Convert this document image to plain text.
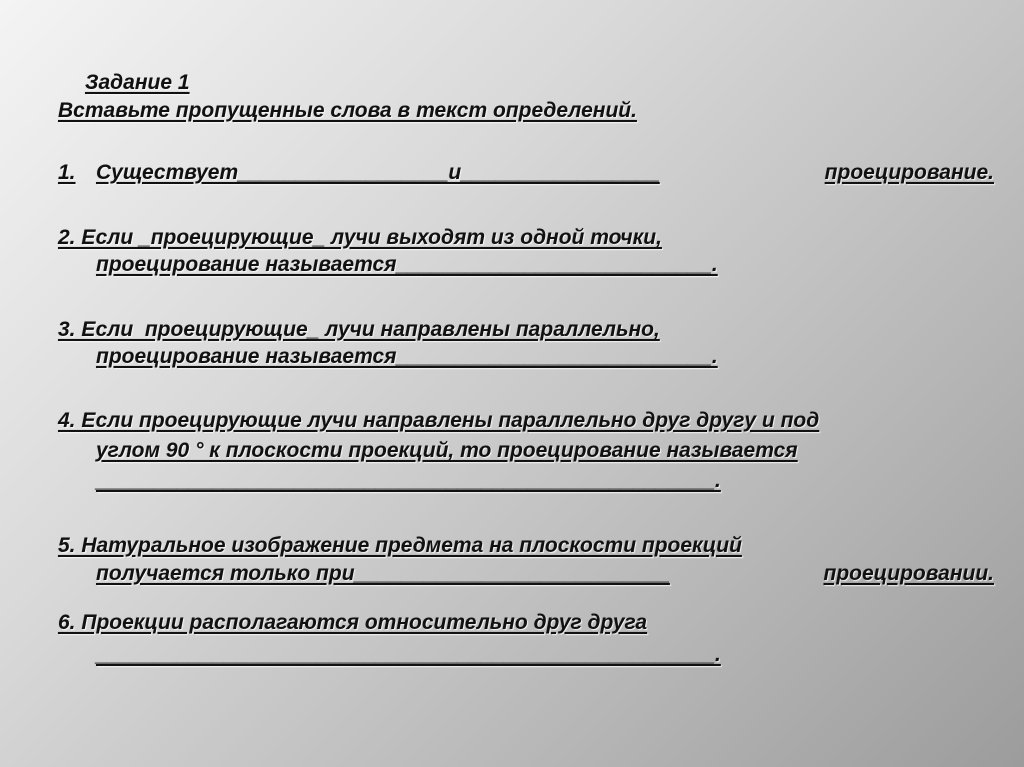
Задание 1

Вставьте пропущенные слова в текст определений.

1. Существует__________________и_________________	проецирование.

2. Если _проецирующие_ лучи выходят из одной точки,

проецирование называется___________________________.

3. Если  проецирующие_ лучи направлены параллельно,

проецирование называется___________________________.

4. Если проецирующие лучи направлены параллельно друг другу и под

углом 90 ° к плоскости проекций, то проецирование называется

_____________________________________________________.

5. Натуральное изображение предмета на плоскости проекций

получается только при___________________________	проецировании.

6. Проекции располагаются относительно друг друга

_____________________________________________________.
